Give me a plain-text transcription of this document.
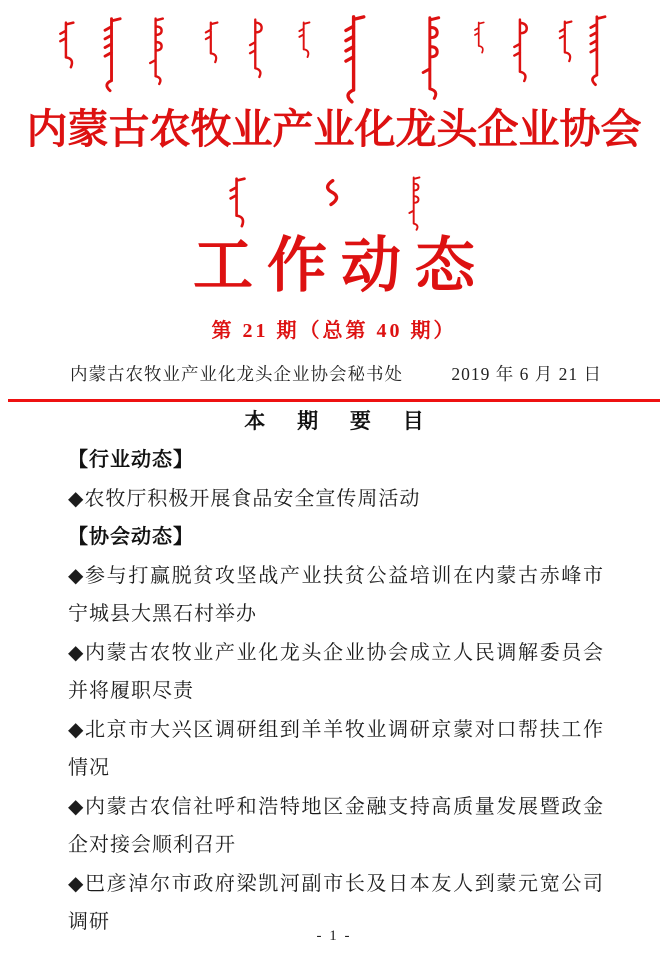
内蒙古农牧业产业化龙头企业协会
工作动态
第 21 期（总第 40 期）
内蒙古农牧业产业化龙头企业协会秘书处	2019 年 6 月 21 日
本 期 要 目

【行业动态】

◆农牧厅积极开展食品安全宣传周活动

【协会动态】

◆参与打赢脱贫攻坚战产业扶贫公益培训在内蒙古赤峰市宁城县大黑石村举办

◆内蒙古农牧业产业化龙头企业协会成立人民调解委员会并将履职尽责

◆北京市大兴区调研组到羊羊牧业调研京蒙对口帮扶工作情况

◆内蒙古农信社呼和浩特地区金融支持高质量发展暨政金企对接会顺利召开

◆巴彦淖尔市政府梁凯河副市长及日本友人到蒙元宽公司调研

- 1 -
